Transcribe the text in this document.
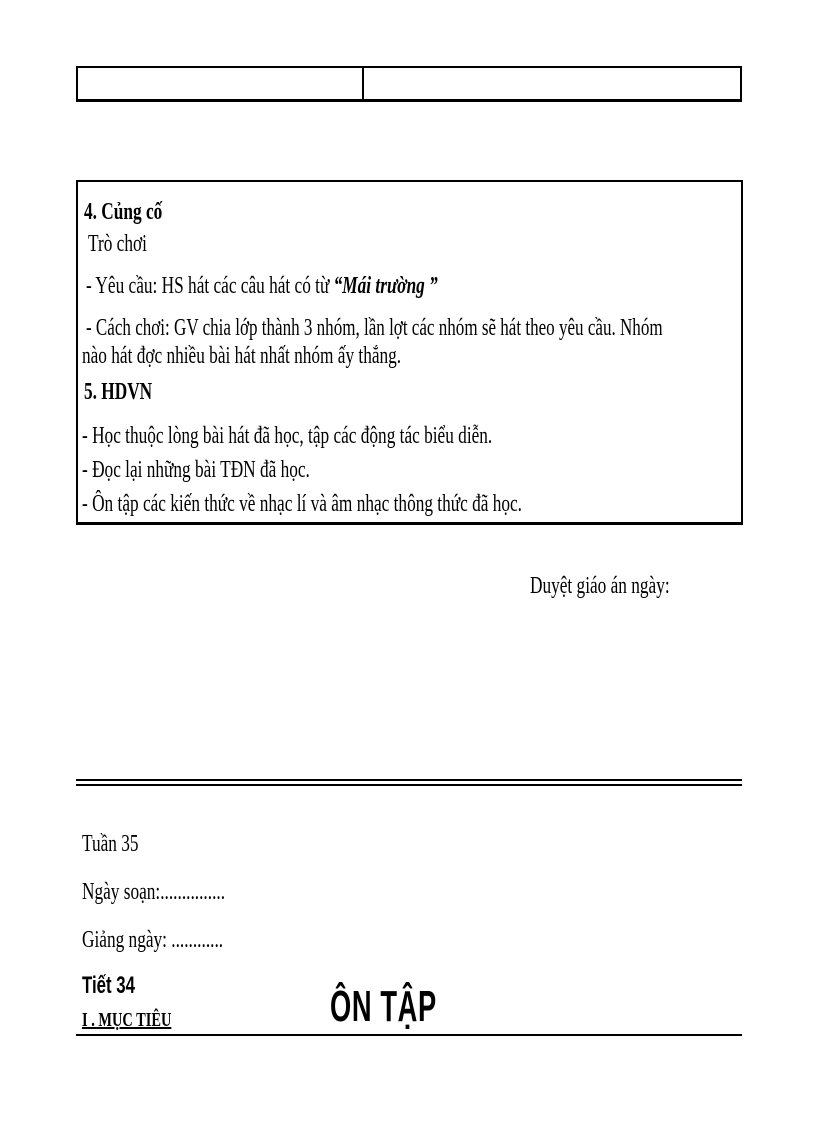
4. Củng cố
Trò chơi
- Yêu cầu: HS hát các câu hát có từ “Mái trường ”
- Cách chơi: GV chia lớp thành 3 nhóm, lần lợt các nhóm sẽ hát theo yêu cầu. Nhóm
nào hát đợc nhiều bài hát nhất nhóm ấy thắng.
5. HDVN
- Học thuộc lòng bài hát đã học, tập các động tác biểu diễn.
- Đọc lại những bài TĐN đã học.
- Ôn tập các kiến thức về nhạc lí và âm nhạc thông thức đã học.
Duyệt giáo án ngày:
Tuần 35
Ngày soạn:...............
Giảng ngày: ............
Tiết 34
I . MỤC TIÊU	ÔN TẬP
